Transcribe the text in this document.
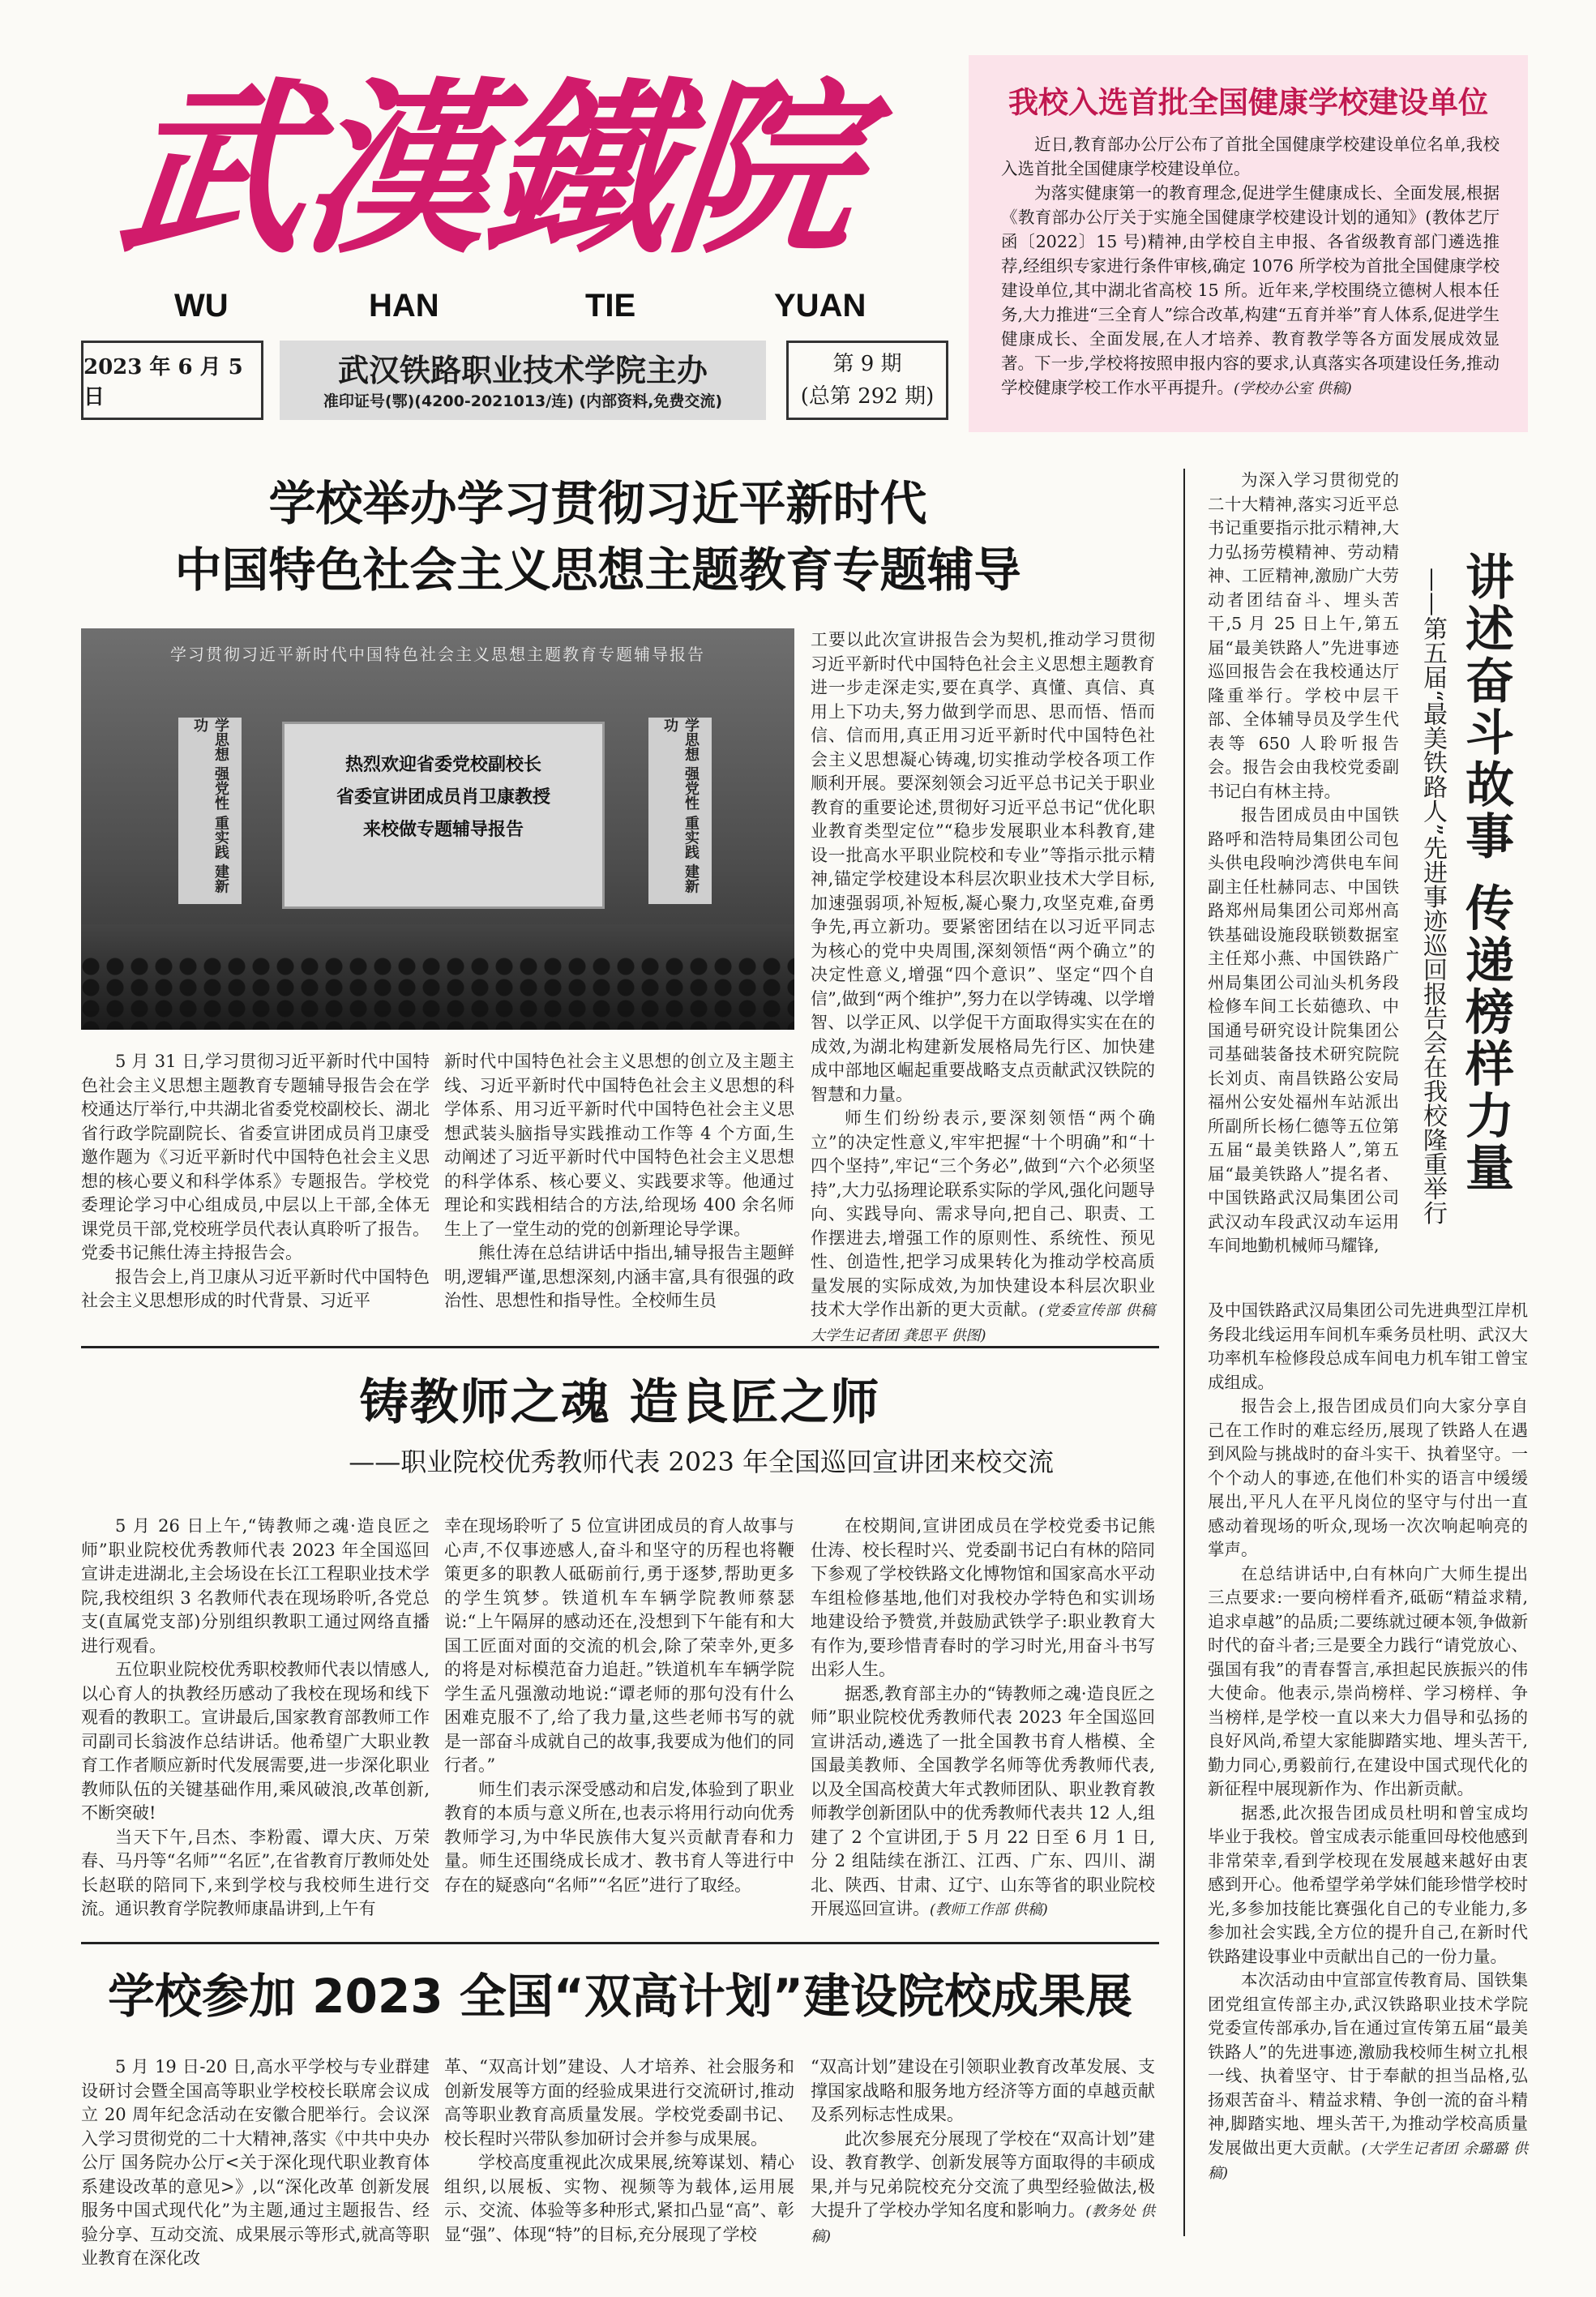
武漢鐵院
WU	HAN	TIE	YUAN
2023 年 6 月 5 日
武汉铁路职业技术学院主办
准印证号(鄂)(4200-2021013/连) (内部资料,免费交流)
第 9 期
(总第 292 期)
我校入选首批全国健康学校建设单位

近日,教育部办公厅公布了首批全国健康学校建设单位名单,我校入选首批全国健康学校建设单位。

为落实健康第一的教育理念,促进学生健康成长、全面发展,根据《教育部办公厅关于实施全国健康学校建设计划的通知》(教体艺厅函〔2022〕15 号)精神,由学校自主申报、各省级教育部门遴选推荐,经组织专家进行条件审核,确定 1076 所学校为首批全国健康学校建设单位,其中湖北省高校 15 所。近年来,学校围绕立德树人根本任务,大力推进“三全育人”综合改革,构建“五育并举”育人体系,促进学生健康成长、全面发展,在人才培养、教育教学等各方面发展成效显著。下一步,学校将按照申报内容的要求,认真落实各项建设任务,推动学校健康学校工作水平再提升。(学校办公室 供稿)

学校举办学习贯彻习近平新时代
中国特色社会主义思想主题教育专题辅导
学习贯彻习近平新时代中国特色社会主义思想主题教育专题辅导报告
学思想 强党性 重实践 建新功	学思想 强党性 重实践 建新功
热烈欢迎省委党校副校长
省委宣讲团成员肖卫康教授
来校做专题辅导报告

工要以此次宣讲报告会为契机,推动学习贯彻习近平新时代中国特色社会主义思想主题教育进一步走深走实,要在真学、真懂、真信、真用上下功夫,努力做到学而思、思而悟、悟而信、信而用,真正用习近平新时代中国特色社会主义思想凝心铸魂,切实推动学校各项工作顺利开展。要深刻领会习近平总书记关于职业教育的重要论述,贯彻好习近平总书记“优化职业教育类型定位”“稳步发展职业本科教育,建设一批高水平职业院校和专业”等指示批示精神,锚定学校建设本科层次职业技术大学目标,加速强弱项,补短板,凝心聚力,攻坚克难,奋勇争先,再立新功。要紧密团结在以习近平同志为核心的党中央周围,深刻领悟“两个确立”的决定性意义,增强“四个意识”、坚定“四个自信”,做到“两个维护”,努力在以学铸魂、以学增智、以学正风、以学促干方面取得实实在在的成效,为湖北构建新发展格局先行区、加快建成中部地区崛起重要战略支点贡献武汉铁院的智慧和力量。

师生们纷纷表示,要深刻领悟“两个确立”的决定性意义,牢牢把握“十个明确”和“十四个坚持”,牢记“三个务必”,做到“六个必须坚持”,大力弘扬理论联系实际的学风,强化问题导向、实践导向、需求导向,把自己、职责、工作摆进去,增强工作的原则性、系统性、预见性、创造性,把学习成果转化为推动学校高质量发展的实际成效,为加快建设本科层次职业技术大学作出新的更大贡献。(党委宣传部 供稿 大学生记者团 龚思平 供图)

5 月 31 日,学习贯彻习近平新时代中国特色社会主义思想主题教育专题辅导报告会在学校通达厅举行,中共湖北省委党校副校长、湖北省行政学院副院长、省委宣讲团成员肖卫康受邀作题为《习近平新时代中国特色社会主义思想的核心要义和科学体系》专题报告。学校党委理论学习中心组成员,中层以上干部,全体无课党员干部,党校班学员代表认真聆听了报告。党委书记熊仕涛主持报告会。

报告会上,肖卫康从习近平新时代中国特色社会主义思想形成的时代背景、习近平

新时代中国特色社会主义思想的创立及主题主线、习近平新时代中国特色社会主义思想的科学体系、用习近平新时代中国特色社会主义思想武装头脑指导实践推动工作等 4 个方面,生动阐述了习近平新时代中国特色社会主义思想的科学体系、核心要义、实践要求等。他通过理论和实践相结合的方法,给现场 400 余名师生上了一堂生动的党的创新理论导学课。

熊仕涛在总结讲话中指出,辅导报告主题鲜明,逻辑严谨,思想深刻,内涵丰富,具有很强的政治性、思想性和指导性。全校师生员

讲述奋斗故事 传递榜样力量
——第五届“最美铁路人”先进事迹巡回报告会在我校隆重举行

为深入学习贯彻党的二十大精神,落实习近平总书记重要指示批示精神,大力弘扬劳模精神、劳动精神、工匠精神,激励广大劳动者团结奋斗、埋头苦干,5 月 25 日上午,第五届“最美铁路人”先进事迹巡回报告会在我校通达厅隆重举行。学校中层干部、全体辅导员及学生代表等 650 人聆听报告会。报告会由我校党委副书记白有林主持。

报告团成员由中国铁路呼和浩特局集团公司包头供电段响沙湾供电车间副主任杜赫同志、中国铁路郑州局集团公司郑州高铁基础设施段联锁数据室主任郑小燕、中国铁路广州局集团公司汕头机务段检修车间工长茹德玖、中国通号研究设计院集团公司基础装备技术研究院院长刘贞、南昌铁路公安局福州公安处福州车站派出所副所长杨仁德等五位第五届“最美铁路人”,第五届“最美铁路人”提名者、中国铁路武汉局集团公司武汉动车段武汉动车运用车间地勤机械师马耀锋,

及中国铁路武汉局集团公司先进典型江岸机务段北线运用车间机车乘务员杜明、武汉大功率机车检修段总成车间电力机车钳工曾宝成组成。

报告会上,报告团成员们向大家分享自己在工作时的难忘经历,展现了铁路人在遇到风险与挑战时的奋斗实干、执着坚守。一个个动人的事迹,在他们朴实的语言中缓缓展出,平凡人在平凡岗位的坚守与付出一直感动着现场的听众,现场一次次响起响亮的掌声。

在总结讲话中,白有林向广大师生提出三点要求:一要向榜样看齐,砥砺“精益求精,追求卓越”的品质;二要练就过硬本领,争做新时代的奋斗者;三是要全力践行“请党放心、强国有我”的青春誓言,承担起民族振兴的伟大使命。他表示,崇尚榜样、学习榜样、争当榜样,是学校一直以来大力倡导和弘扬的良好风尚,希望大家能脚踏实地、埋头苦干,勤力同心,勇毅前行,在建设中国式现代化的新征程中展现新作为、作出新贡献。

据悉,此次报告团成员杜明和曾宝成均毕业于我校。曾宝成表示能重回母校他感到非常荣幸,看到学校现在发展越来越好由衷感到开心。他希望学弟学妹们能珍惜学校时光,多参加技能比赛强化自己的专业能力,多参加社会实践,全方位的提升自己,在新时代铁路建设事业中贡献出自己的一份力量。

本次活动由中宣部宣传教育局、国铁集团党组宣传部主办,武汉铁路职业技术学院党委宣传部承办,旨在通过宣传第五届“最美铁路人”的先进事迹,激励我校师生树立扎根一线、执着坚守、甘于奉献的担当品格,弘扬艰苦奋斗、精益求精、争创一流的奋斗精神,脚踏实地、埋头苦干,为推动学校高质量发展做出更大贡献。(大学生记者团 余璐璐 供稿)

铸教师之魂 造良匠之师
——职业院校优秀教师代表 2023 年全国巡回宣讲团来校交流

5 月 26 日上午,“铸教师之魂·造良匠之师”职业院校优秀教师代表 2023 年全国巡回宣讲走进湖北,主会场设在长江工程职业技术学院,我校组织 3 名教师代表在现场聆听,各党总支(直属党支部)分别组织教职工通过网络直播进行观看。

五位职业院校优秀职校教师代表以情感人,以心育人的执教经历感动了我校在现场和线下观看的教职工。宣讲最后,国家教育部教师工作司副司长翁波作总结讲话。他希望广大职业教育工作者顺应新时代发展需要,进一步深化职业教师队伍的关键基础作用,乘风破浪,改革创新,不断突破!

当天下午,吕杰、李粉霞、谭大庆、万荣春、马丹等“名师”“名匠”,在省教育厅教师处处长赵联的陪同下,来到学校与我校师生进行交流。通识教育学院教师康晶讲到,上午有

幸在现场聆听了 5 位宣讲团成员的育人故事与心声,不仅事迹感人,奋斗和坚守的历程也将鞭策更多的职教人砥砺前行,勇于逐梦,帮助更多的学生筑梦。铁道机车车辆学院教师蔡瑟说:“上午隔屏的感动还在,没想到下午能有和大国工匠面对面的交流的机会,除了荣幸外,更多的将是对标模范奋力追赶。”铁道机车车辆学院学生孟凡强激动地说:“谭老师的那句没有什么困难克服不了,给了我力量,这些老师书写的就是一部奋斗成就自己的故事,我要成为他们的同行者。”

师生们表示深受感动和启发,体验到了职业教育的本质与意义所在,也表示将用行动向优秀教师学习,为中华民族伟大复兴贡献青春和力量。师生还围绕成长成才、教书育人等进行中存在的疑惑向“名师”“名匠”进行了取经。

在校期间,宣讲团成员在学校党委书记熊仕涛、校长程时兴、党委副书记白有林的陪同下参观了学校铁路文化博物馆和国家高水平动车组检修基地,他们对我校办学特色和实训场地建设给予赞赏,并鼓励武铁学子:职业教育大有作为,要珍惜青春时的学习时光,用奋斗书写出彩人生。

据悉,教育部主办的“铸教师之魂·造良匠之师”职业院校优秀教师代表 2023 年全国巡回宣讲活动,遴选了一批全国教书育人楷模、全国最美教师、全国教学名师等优秀教师代表,以及全国高校黄大年式教师团队、职业教育教师教学创新团队中的优秀教师代表共 12 人,组建了 2 个宣讲团,于 5 月 22 日至 6 月 1 日,分 2 组陆续在浙江、江西、广东、四川、湖北、陕西、甘肃、辽宁、山东等省的职业院校开展巡回宣讲。(教师工作部 供稿)

学校参加 2023 全国“双高计划”建设院校成果展

5 月 19 日-20 日,高水平学校与专业群建设研讨会暨全国高等职业学校校长联席会议成立 20 周年纪念活动在安徽合肥举行。会议深入学习贯彻党的二十大精神,落实《中共中央办公厅 国务院办公厅<关于深化现代职业教育体系建设改革的意见>》,以“深化改革 创新发展 服务中国式现代化”为主题,通过主题报告、经验分享、互动交流、成果展示等形式,就高等职业教育在深化改

革、“双高计划”建设、人才培养、社会服务和创新发展等方面的经验成果进行交流研讨,推动高等职业教育高质量发展。学校党委副书记、校长程时兴带队参加研讨会并参与成果展。

学校高度重视此次成果展,统筹谋划、精心组织,以展板、实物、视频等为载体,运用展示、交流、体验等多种形式,紧扣凸显“高”、彰显“强”、体现“特”的目标,充分展现了学校

“双高计划”建设在引领职业教育改革发展、支撑国家战略和服务地方经济等方面的卓越贡献及系列标志性成果。

此次参展充分展现了学校在“双高计划”建设、教育教学、创新发展等方面取得的丰硕成果,并与兄弟院校充分交流了典型经验做法,极大提升了学校办学知名度和影响力。(教务处 供稿)
